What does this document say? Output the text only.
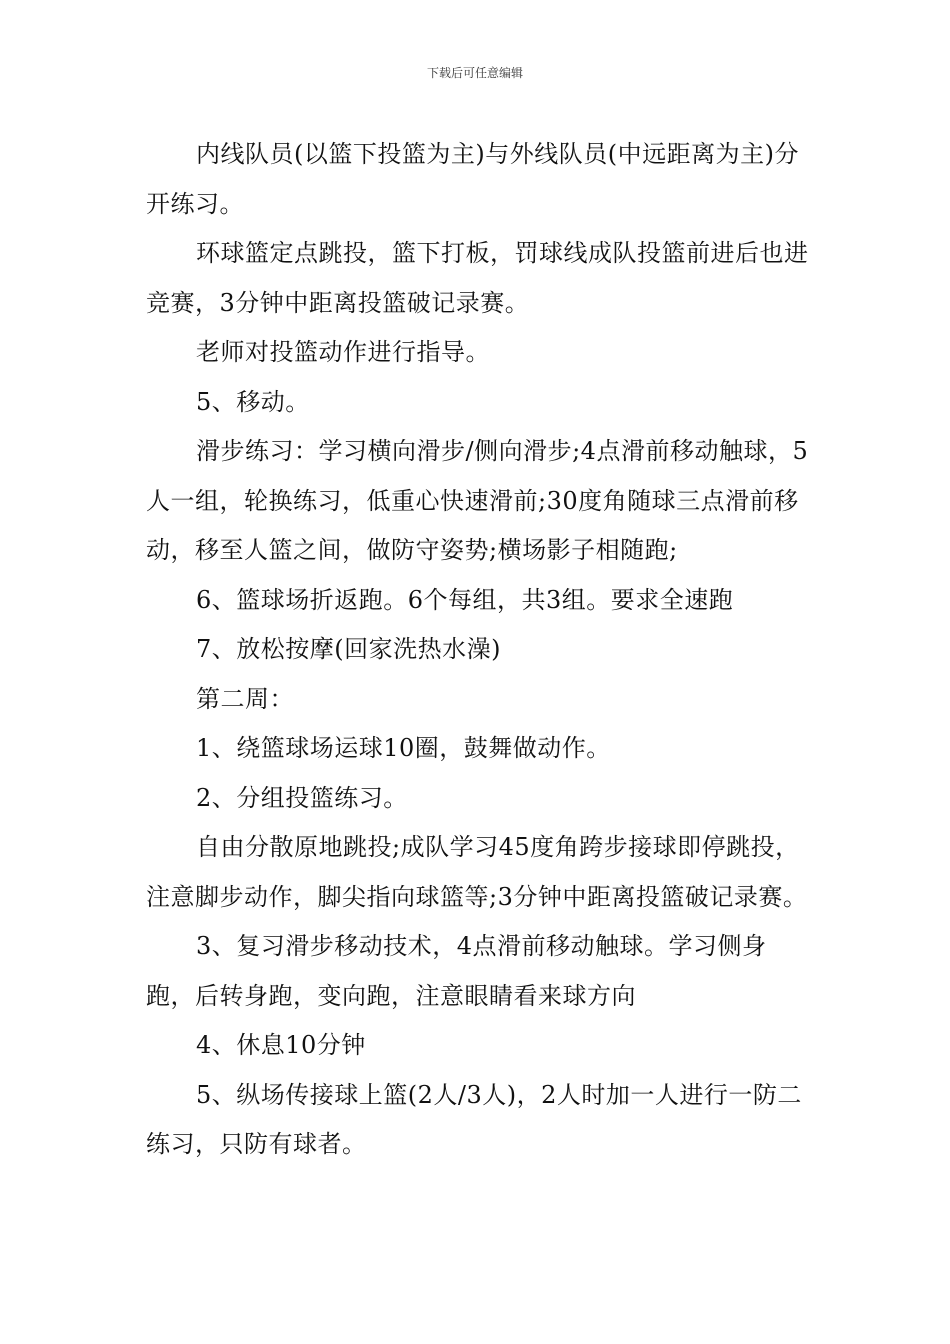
下载后可任意编辑

内线队员(以篮下投篮为主)与外线队员(中远距离为主)分开练习。

环球篮定点跳投，篮下打板，罚球线成队投篮前进后也进竞赛，3分钟中距离投篮破记录赛。

老师对投篮动作进行指导。

5、移动。

滑步练习：学习横向滑步/侧向滑步;4点滑前移动触球，5人一组，轮换练习，低重心快速滑前;30度角随球三点滑前移动，移至人篮之间，做防守姿势;横场影子相随跑;

6、篮球场折返跑。6个每组，共3组。要求全速跑

7、放松按摩(回家洗热水澡)

第二周：

1、绕篮球场运球10圈，鼓舞做动作。

2、分组投篮练习。

自由分散原地跳投;成队学习45度角跨步接球即停跳投，注意脚步动作，脚尖指向球篮等;3分钟中距离投篮破记录赛。

3、复习滑步移动技术，4点滑前移动触球。学习侧身跑，后转身跑，变向跑，注意眼睛看来球方向

4、休息10分钟

5、纵场传接球上篮(2人/3人)，2人时加一人进行一防二练习，只防有球者。
